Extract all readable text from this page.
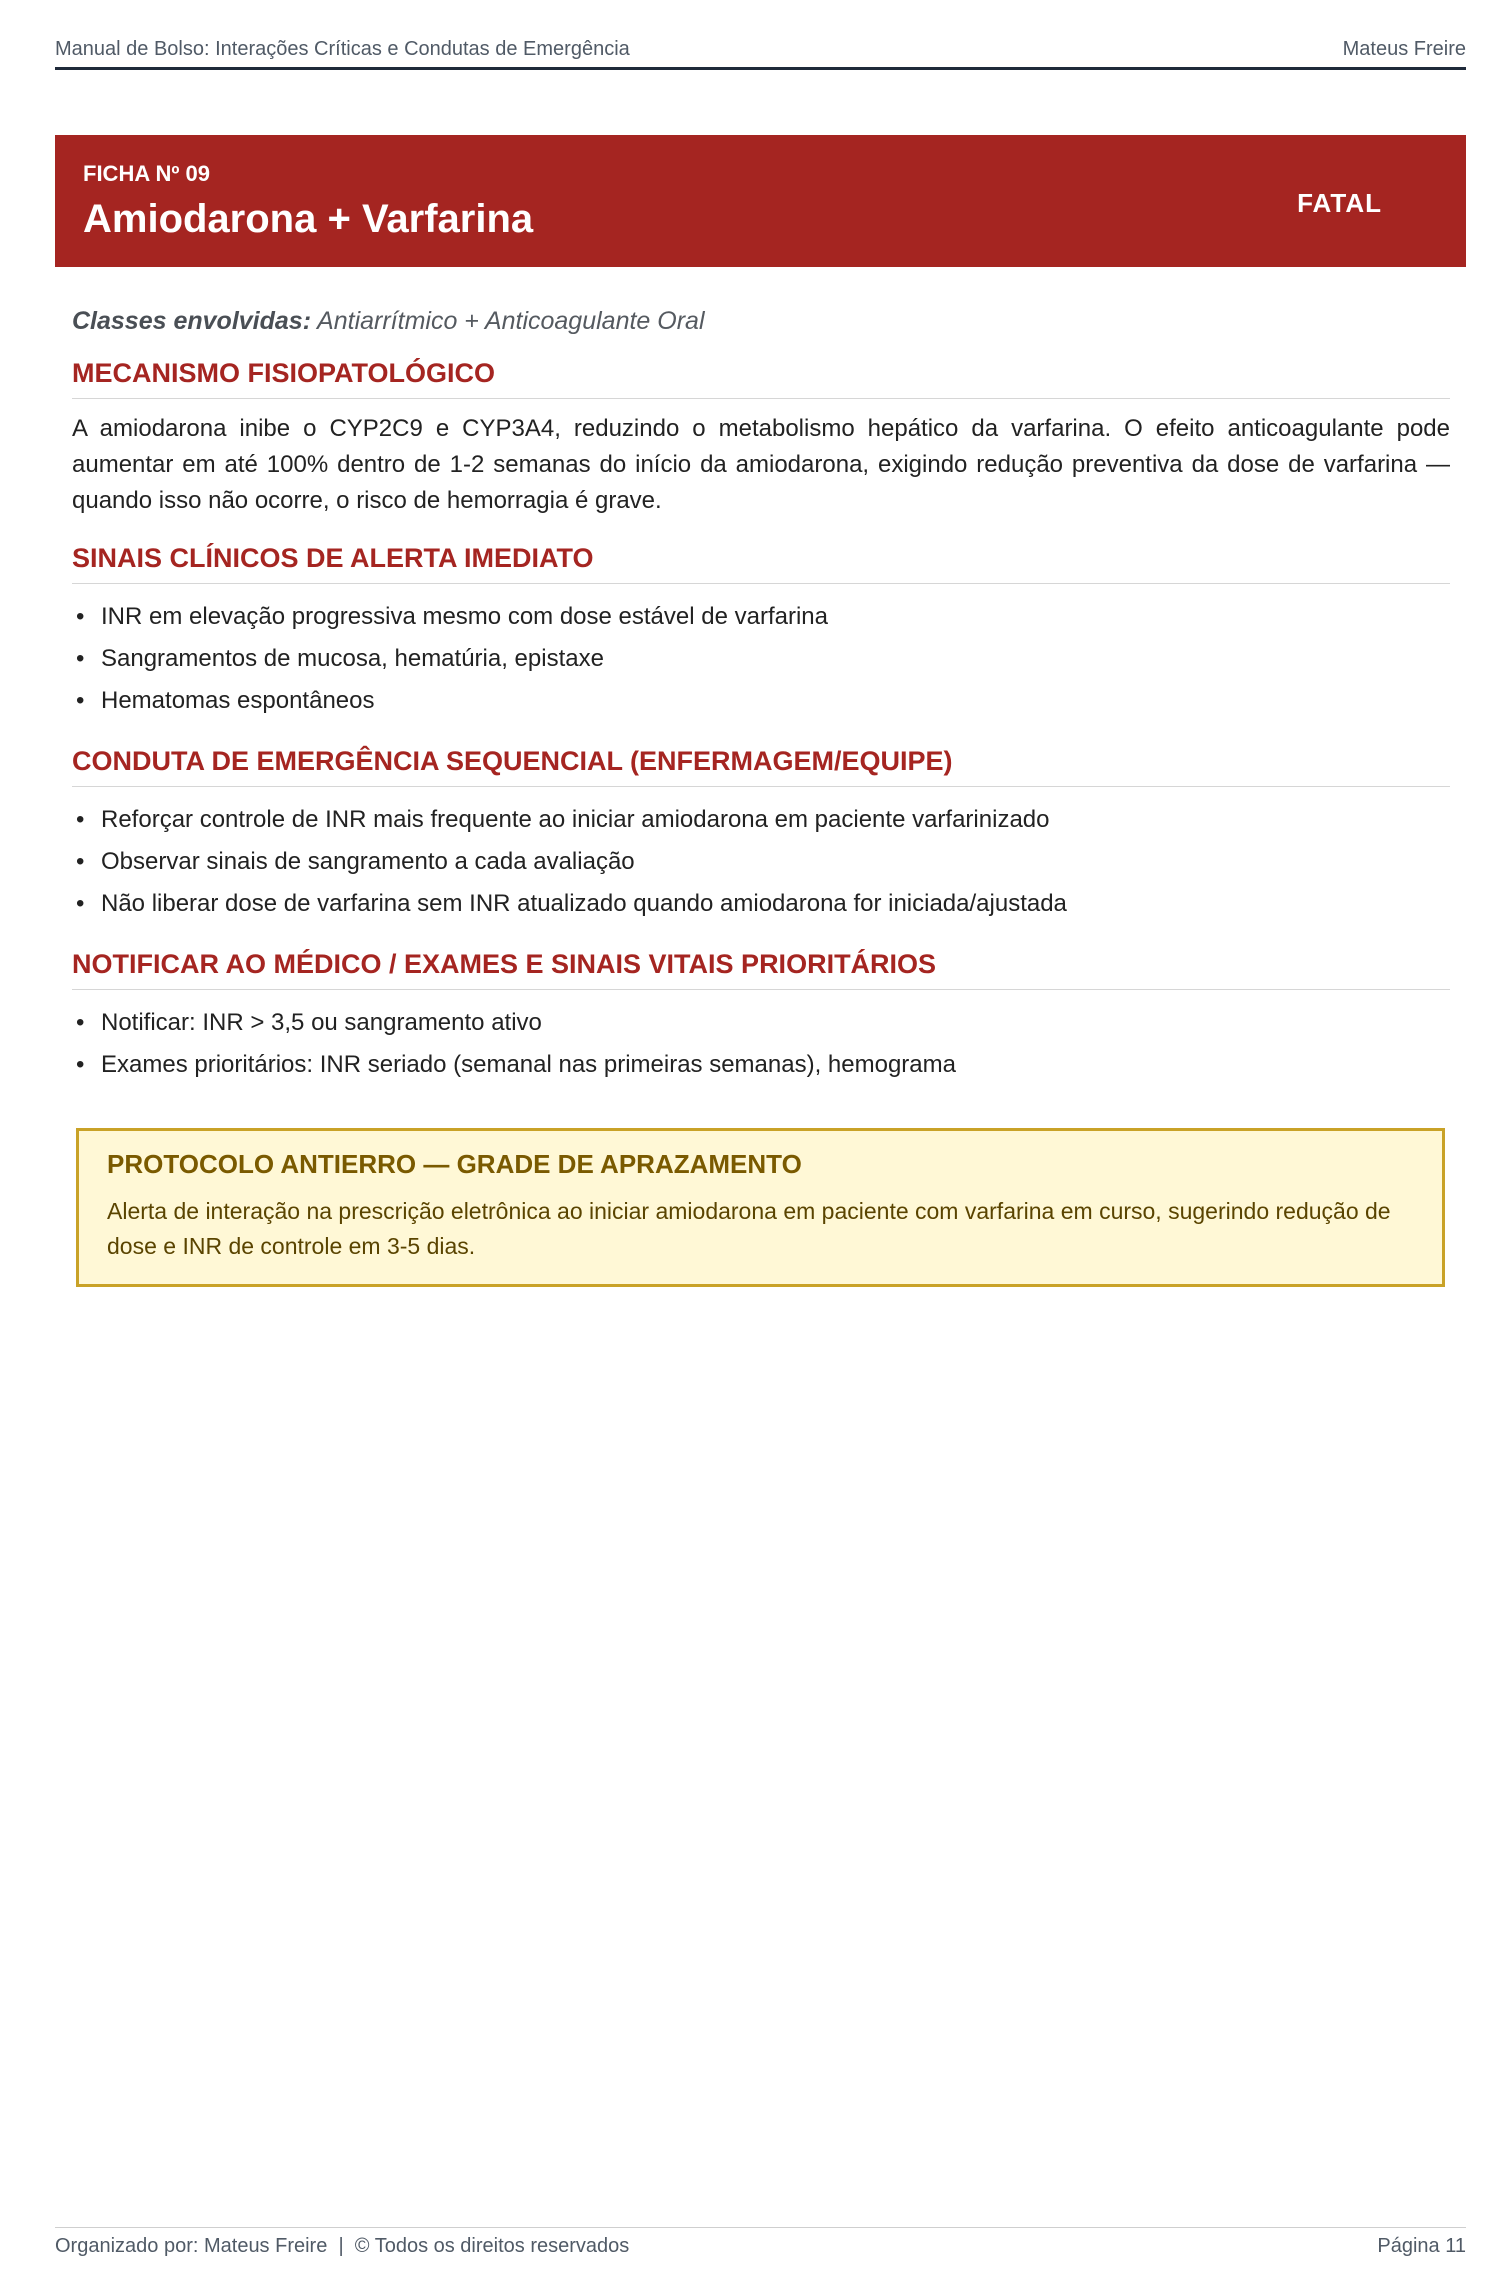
Manual de Bolso: Interações Críticas e Condutas de Emergência	Mateus Freire
FICHA Nº 09
Amiodarona + Varfarina	FATAL
Classes envolvidas: Antiarrítmico + Anticoagulante Oral
MECANISMO FISIOPATOLÓGICO

A amiodarona inibe o CYP2C9 e CYP3A4, reduzindo o metabolismo hepático da varfarina. O efeito anticoagulante pode aumentar em até 100% dentro de 1-2 semanas do início da amiodarona, exigindo redução preventiva da dose de varfarina — quando isso não ocorre, o risco de hemorragia é grave.

SINAIS CLÍNICOS DE ALERTA IMEDIATO
• INR em elevação progressiva mesmo com dose estável de varfarina
• Sangramentos de mucosa, hematúria, epistaxe
• Hematomas espontâneos
CONDUTA DE EMERGÊNCIA SEQUENCIAL (ENFERMAGEM/EQUIPE)
• Reforçar controle de INR mais frequente ao iniciar amiodarona em paciente varfarinizado
• Observar sinais de sangramento a cada avaliação
• Não liberar dose de varfarina sem INR atualizado quando amiodarona for iniciada/ajustada
NOTIFICAR AO MÉDICO / EXAMES E SINAIS VITAIS PRIORITÁRIOS
• Notificar: INR > 3,5 ou sangramento ativo
• Exames prioritários: INR seriado (semanal nas primeiras semanas), hemograma
PROTOCOLO ANTIERRO — GRADE DE APRAZAMENTO
Alerta de interação na prescrição eletrônica ao iniciar amiodarona em paciente com varfarina em curso, sugerindo redução de dose e INR de controle em 3-5 dias.
Organizado por: Mateus Freire  |  © Todos os direitos reservados	Página 11
